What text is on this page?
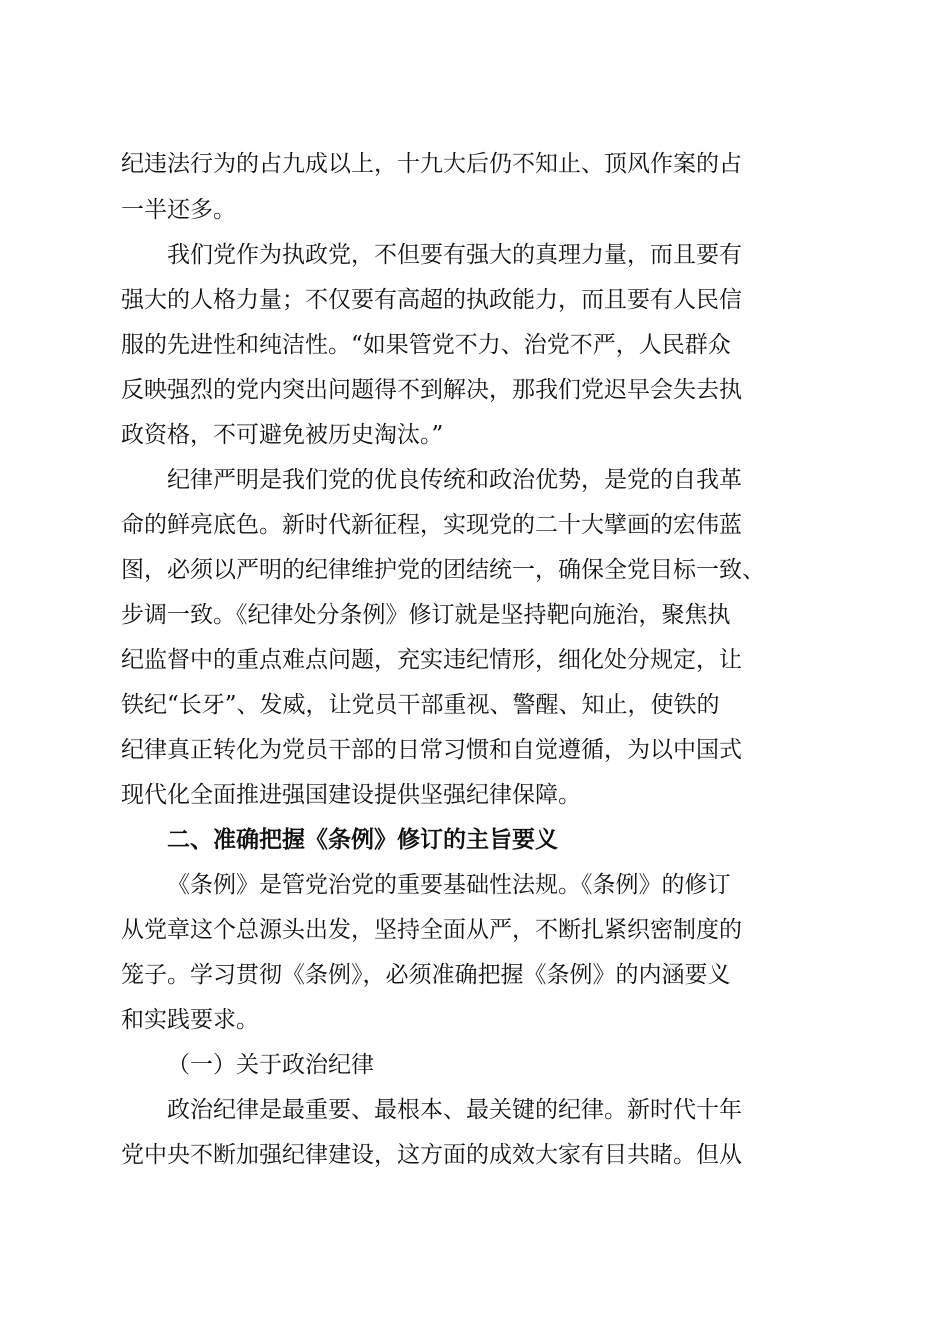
纪违法行为的占九成以上，十九大后仍不知止、顶风作案的占
一半还多。
我们党作为执政党，不但要有强大的真理力量，而且要有
强大的人格力量；不仅要有高超的执政能力，而且要有人民信
服的先进性和纯洁性。“如果管党不力、治党不严，人民群众
反映强烈的党内突出问题得不到解决，那我们党迟早会失去执
政资格，不可避免被历史淘汰。”
纪律严明是我们党的优良传统和政治优势，是党的自我革
命的鲜亮底色。新时代新征程，实现党的二十大擘画的宏伟蓝
图，必须以严明的纪律维护党的团结统一，确保全党目标一致、
步调一致。《纪律处分条例》修订就是坚持靶向施治，聚焦执
纪监督中的重点难点问题，充实违纪情形，细化处分规定，让
铁纪“长牙”、发威，让党员干部重视、警醒、知止，使铁的
纪律真正转化为党员干部的日常习惯和自觉遵循，为以中国式
现代化全面推进强国建设提供坚强纪律保障。
二、准确把握《条例》修订的主旨要义
《条例》是管党治党的重要基础性法规。《条例》的修订
从党章这个总源头出发，坚持全面从严，不断扎紧织密制度的
笼子。学习贯彻《条例》，必须准确把握《条例》的内涵要义
和实践要求。
（一）关于政治纪律
政治纪律是最重要、最根本、最关键的纪律。新时代十年
党中央不断加强纪律建设，这方面的成效大家有目共睹。但从
